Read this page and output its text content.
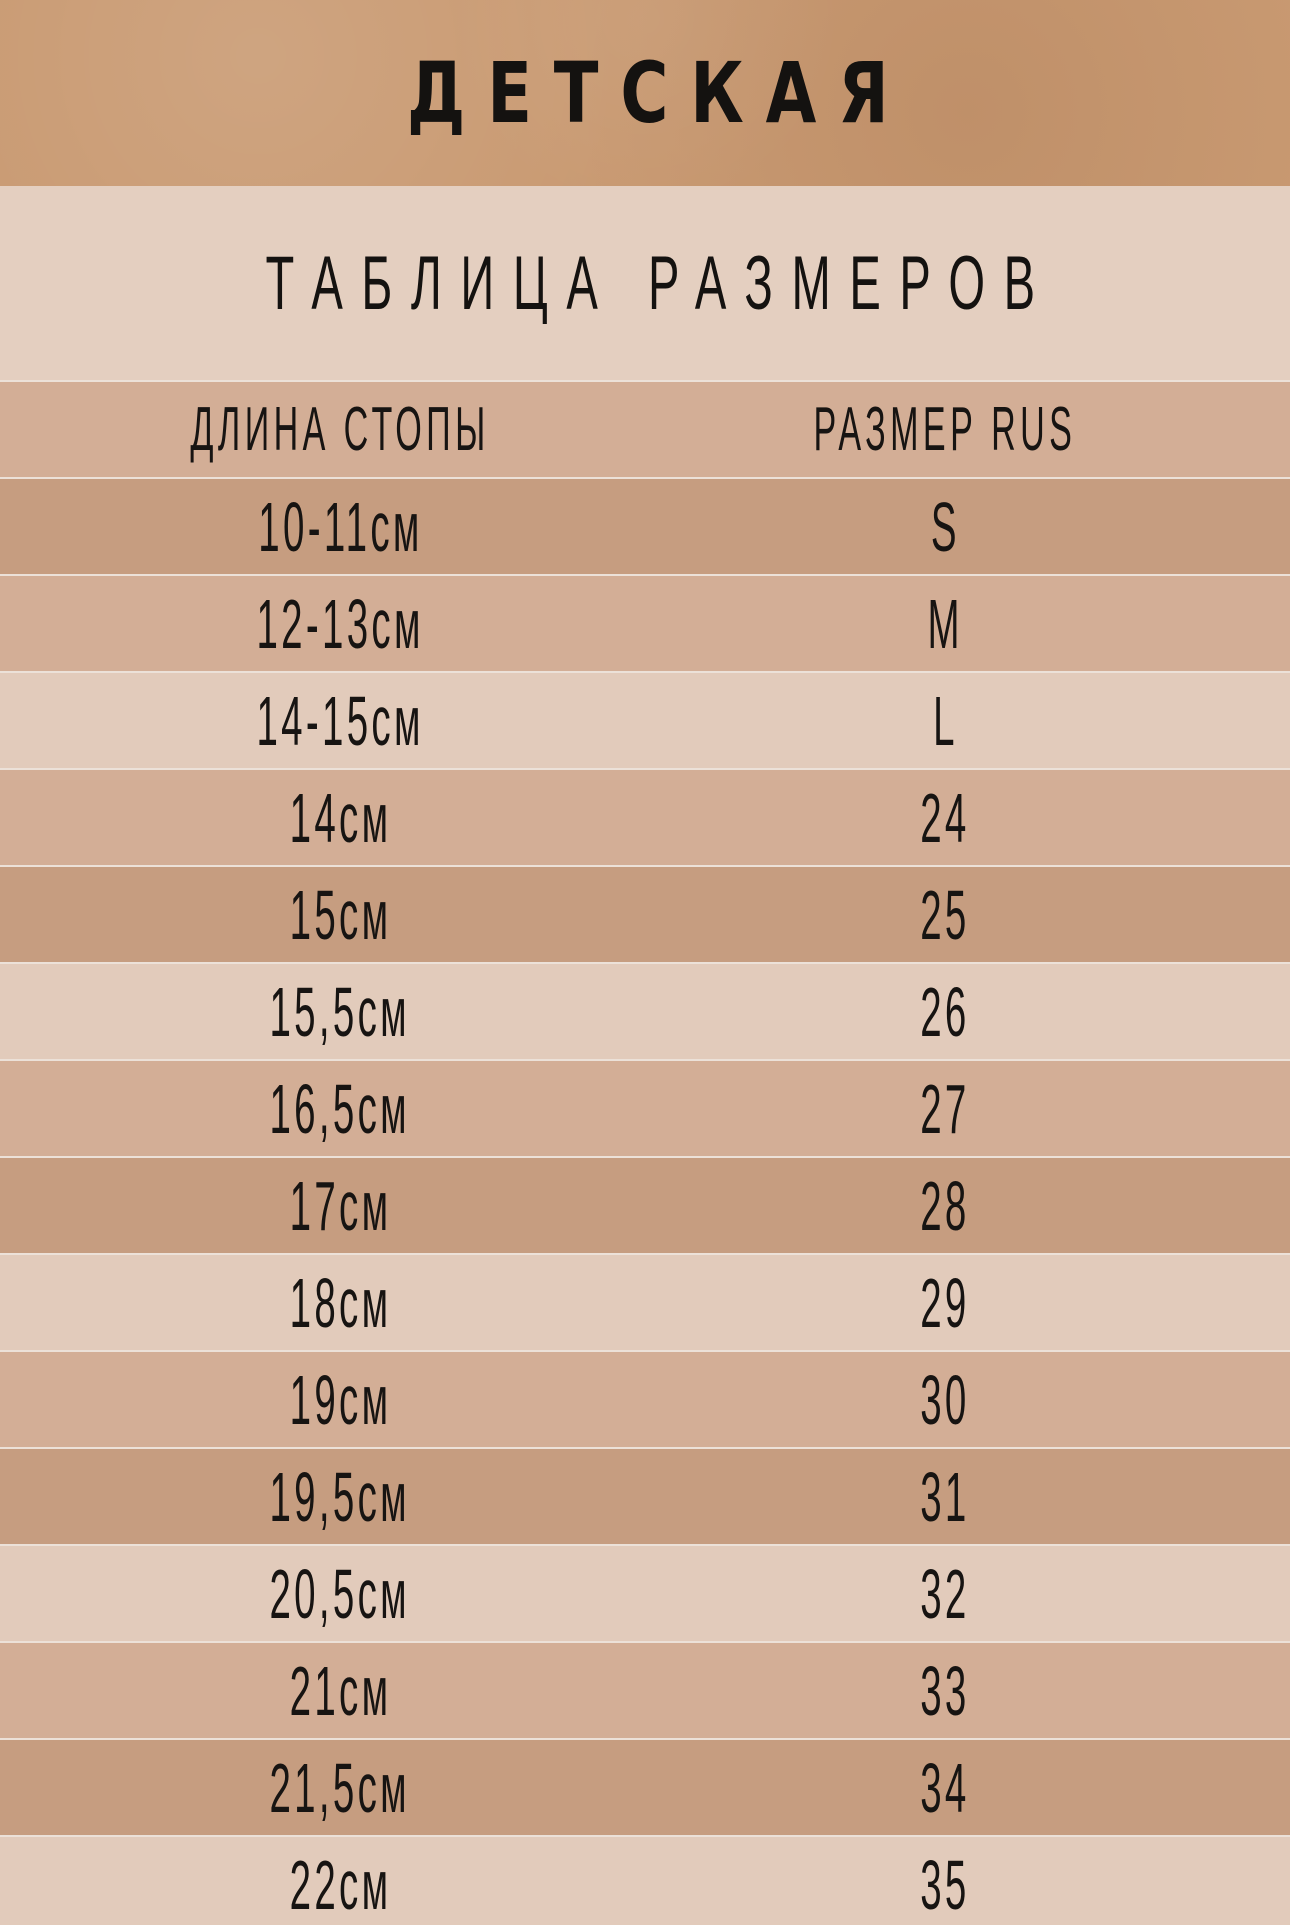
ДЕТСКАЯ
ТАБЛИЦА РАЗМЕРОВ
ДЛИНА СТОПЫ	РАЗМЕР RUS
10-11см	S
12-13см	M
14-15см	L
14см	24
15см	25
15,5см	26
16,5см	27
17см	28
18см	29
19см	30
19,5см	31
20,5см	32
21см	33
21,5см	34
22см	35
